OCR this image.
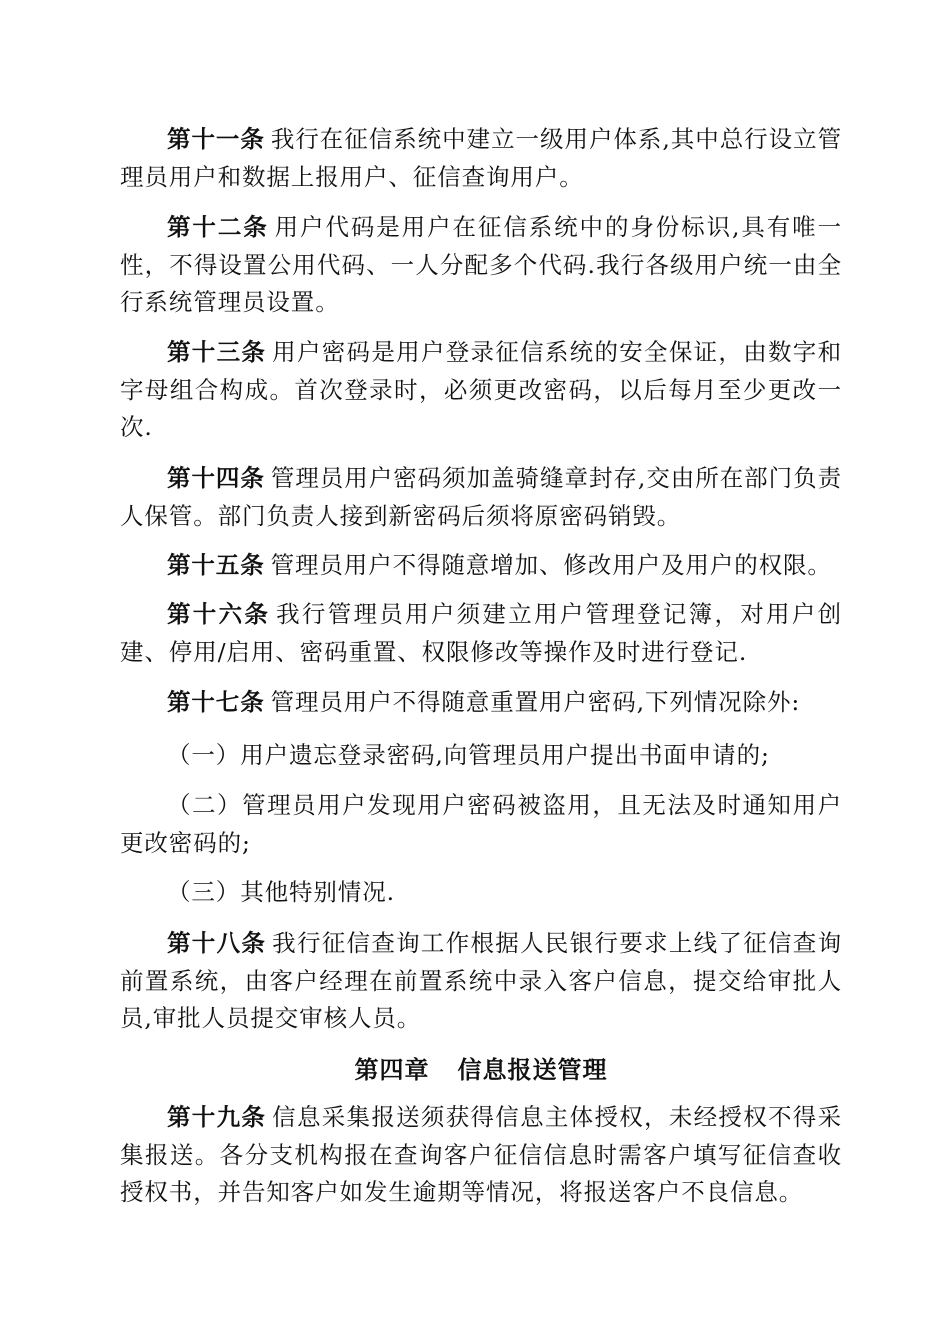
第十一条 我行在征信系统中建立一级用户体系,其中总行设立管理员用户和数据上报用户、征信查询用户。

第十二条 用户代码是用户在征信系统中的身份标识,具有唯一性，不得设置公用代码、一人分配多个代码.我行各级用户统一由全行系统管理员设置。

第十三条 用户密码是用户登录征信系统的安全保证，由数字和字母组合构成。首次登录时，必须更改密码，以后每月至少更改一次.

第十四条 管理员用户密码须加盖骑缝章封存,交由所在部门负责人保管。部门负责人接到新密码后须将原密码销毁。

第十五条 管理员用户不得随意增加、修改用户及用户的权限。

第十六条 我行管理员用户须建立用户管理登记簿，对用户创建、停用/启用、密码重置、权限修改等操作及时进行登记.

第十七条 管理员用户不得随意重置用户密码,下列情况除外:

（一）用户遗忘登录密码,向管理员用户提出书面申请的;

（二）管理员用户发现用户密码被盗用，且无法及时通知用户更改密码的;

（三）其他特别情况.

第十八条 我行征信查询工作根据人民银行要求上线了征信查询前置系统，由客户经理在前置系统中录入客户信息，提交给审批人员,审批人员提交审核人员。

第四章 信息报送管理

第十九条 信息采集报送须获得信息主体授权，未经授权不得采集报送。各分支机构报在查询客户征信信息时需客户填写征信查收授权书，并告知客户如发生逾期等情况，将报送客户不良信息。
